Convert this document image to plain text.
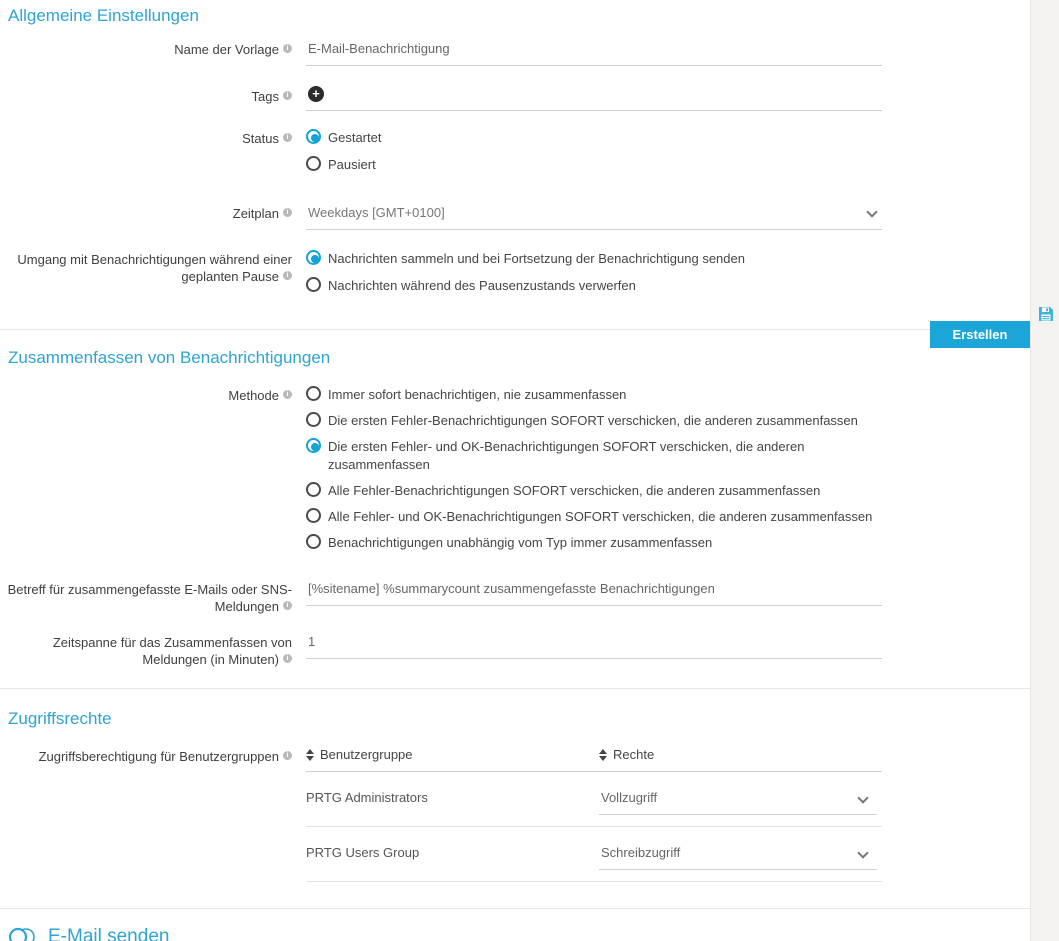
Allgemeine Einstellungen
Name der Vorlage i	E-Mail-Benachrichtigung
Tagsi
+
Status i	Gestartet
Pausiert
Zeitplan i	Weekdays [GMT+0100]
Umgang mit Benachrichtigungen während einer geplanten Pausei
Nachrichten sammeln und bei Fortsetzung der Benachrichtigung senden
Nachrichten während des Pausenzustands verwerfen
Erstellen
Zusammenfassen von Benachrichtigungen
Methode i	Immer sofort benachrichtigen, nie zusammenfassen
Die ersten Fehler-Benachrichtigungen SOFORT verschicken, die anderen zusammenfassen
Die ersten Fehler- und OK-Benachrichtigungen SOFORT verschicken, die anderen zusammenfassen
Alle Fehler-Benachrichtigungen SOFORT verschicken, die anderen zusammenfassen
Alle Fehler- und OK-Benachrichtigungen SOFORT verschicken, die anderen zusammenfassen
Benachrichtigungen unabhängig vom Typ immer zusammenfassen
Betreff für zusammengefasste E-Mails oder SNS-Meldungeni
[%sitename] %summarycount zusammengefasste Benachrichtigungen
Zeitspanne für das Zusammenfassen von Meldungen (in Minuten)i
1
Zugriffsrechte
Zugriffsberechtigung für Benutzergruppen i	Benutzergruppe	Rechte
PRTG Administrators	Vollzugriff
PRTG Users Group	Schreibzugriff
E-Mail senden
